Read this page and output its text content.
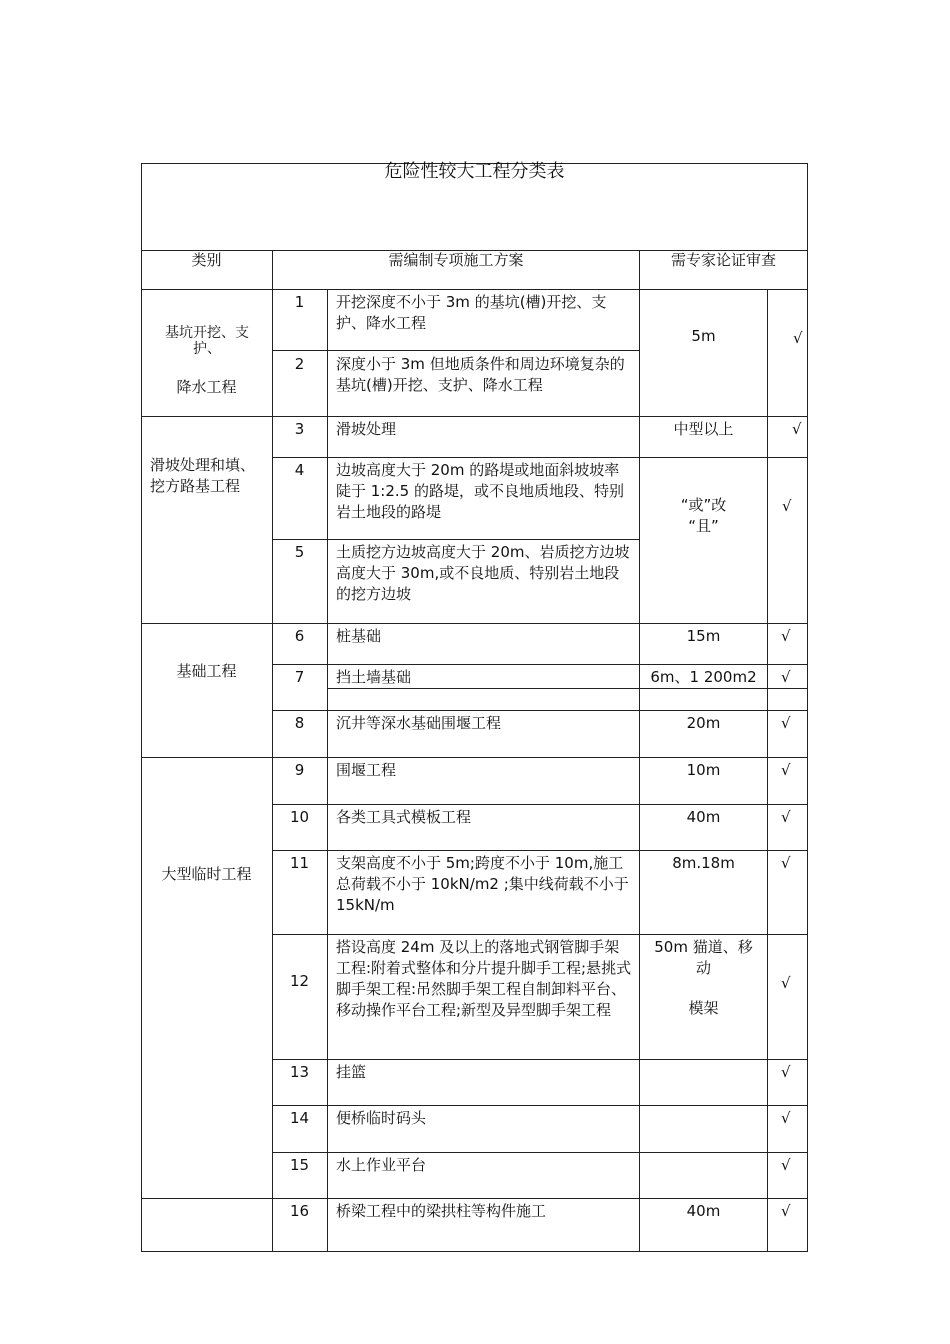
危险性较大工程分类表
类别	需编制专项施工方案	需专家论证审查
基坑开挖、支护、
降水工程
滑坡处理和填、挖方路基工程
基础工程
大型临时工程
1
2
3
4
5
6
7
8
9
10
11
12
13
14
15
16
开挖深度不小于 3m 的基坑(槽)开挖、支护、降水工程
深度小于 3m 但地质条件和周边环境复杂的基坑(槽)开挖、支护、降水工程
滑坡处理
边坡高度大于 20m 的路堤或地面斜坡坡率陡于 1:2.5 的路堤，或不良地质地段、特别岩土地段的路堤
土质挖方边坡高度大于 20m、岩质挖方边坡高度大于 30m,或不良地质、特别岩土地段的挖方边坡
桩基础
挡土墙基础
沉井等深水基础围堰工程
围堰工程
各类工具式模板工程
支架高度不小于 5m;跨度不小于 10m,施工总荷载不小于 10kN/m2 ;集中线荷载不小于 15kN/m
搭设高度 24m 及以上的落地式钢管脚手架工程:附着式整体和分片提升脚手工程;悬挑式脚手架工程:吊然脚手架工程自制卸料平台、移动操作平台工程;新型及异型脚手架工程
挂篮
便桥临时码头
水上作业平台
桥梁工程中的梁拱柱等构件施工
5m
中型以上
“或”改
“且”
15m
6m、1 200m2
20m
10m
40m
8m.18m
50m 猫道、移
动
模架
40m
√
√
√
√
√
√
√
√
√
√
√
√
√
√
